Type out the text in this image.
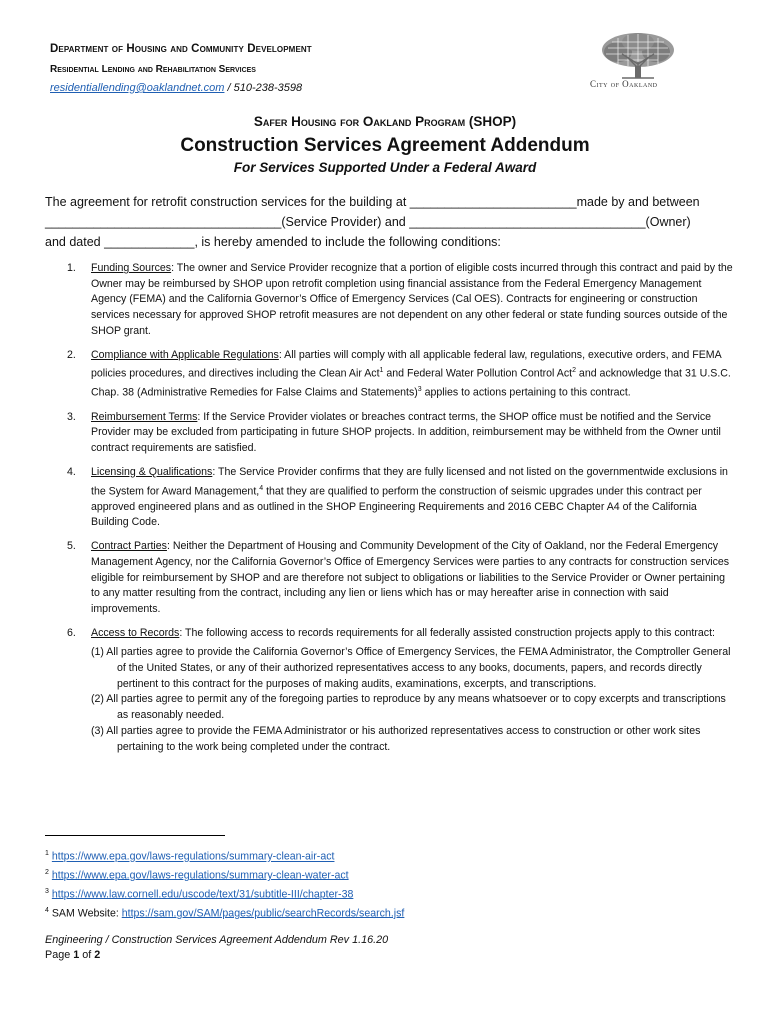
Department of Housing and Community Development
Residential Lending and Rehabilitation Services
residentiallending@oaklandnet.com / 510-238-3598	City of Oakland
Safer Housing for Oakland Program (SHOP)
Construction Services Agreement Addendum
For Services Supported Under a Federal Award
The agreement for retrofit construction services for the building at ________________________made by and between
__________________________________(Service Provider) and __________________________________(Owner)
and dated _____________, is hereby amended to include the following conditions:
1.	Funding Sources: The owner and Service Provider recognize that a portion of eligible costs incurred through this contract and paid by the Owner may be reimbursed by SHOP upon retrofit completion using financial assistance from the Federal Emergency Management Agency (FEMA) and the California Governor’s Office of Emergency Services (Cal OES). Contracts for engineering or construction services necessary for approved SHOP retrofit measures are not dependent on any other federal or state funding sources outside of the SHOP grant.
2.	Compliance with Applicable Regulations: All parties will comply with all applicable federal law, regulations, executive orders, and FEMA policies procedures, and directives including the Clean Air Act$^1$ and Federal Water Pollution Control Act$^2$ and acknowledge that 31 U.S.C. Chap. 38 (Administrative Remedies for False Claims and Statements)$^3$ applies to actions pertaining to this contract.
3.	Reimbursement Terms: If the Service Provider violates or breaches contract terms, the SHOP office must be notified and the Service Provider may be excluded from participating in future SHOP projects. In addition, reimbursement may be withheld from the Owner until contract requirements are satisfied.
4.	Licensing & Qualifications: The Service Provider confirms that they are fully licensed and not listed on the governmentwide exclusions in the System for Award Management,$^4$ that they are qualified to perform the construction of seismic upgrades under this contract per approved engineered plans and as outlined in the SHOP Engineering Requirements and 2016 CEBC Chapter A4 of the California Building Code.
5.	Contract Parties: Neither the Department of Housing and Community Development of the City of Oakland, nor the Federal Emergency Management Agency, nor the California Governor’s Office of Emergency Services were parties to any contracts for construction services eligible for reimbursement by SHOP and are therefore not subject to obligations or liabilities to the Service Provider or Owner pertaining to any matter resulting from the contract, including any lien or liens which has or may hereafter arise in connection with said improvements.
6.	Access to Records: The following access to records requirements for all federally assisted construction projects apply to this contract:
(1) All parties agree to provide the California Governor’s Office of Emergency Services, the FEMA Administrator, the Comptroller General of the United States, or any of their authorized representatives access to any books, documents, papers, and records directly pertinent to this contract for the purposes of making audits, examinations, excerpts, and transcriptions.
(2) All parties agree to permit any of the foregoing parties to reproduce by any means whatsoever or to copy excerpts and transcriptions as reasonably needed.
(3) All parties agree to provide the FEMA Administrator or his authorized representatives access to construction or other work sites pertaining to the work being completed under the contract.
$^1$ https://www.epa.gov/laws-regulations/summary-clean-air-act
$^2$ https://www.epa.gov/laws-regulations/summary-clean-water-act
$^3$ https://www.law.cornell.edu/uscode/text/31/subtitle-III/chapter-38
$^4$ SAM Website: https://sam.gov/SAM/pages/public/searchRecords/search.jsf
Engineering / Construction Services Agreement Addendum Rev 1.16.20
Page 1 of 2
